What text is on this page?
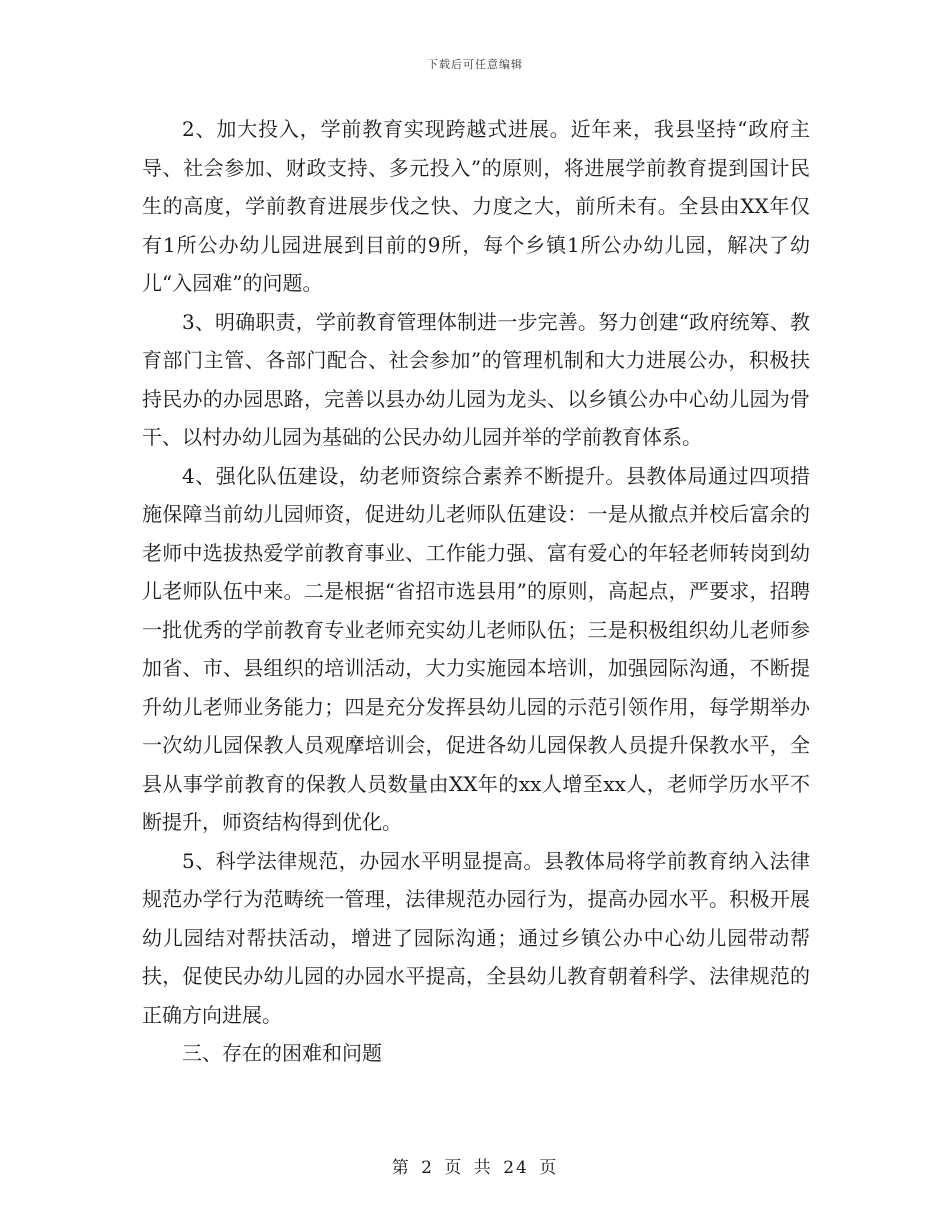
下载后可任意编辑

2、加大投入，学前教育实现跨越式进展。近年来，我县坚持“政府主导、社会参加、财政支持、多元投入”的原则，将进展学前教育提到国计民生的高度，学前教育进展步伐之快、力度之大，前所未有。全县由XX年仅有1所公办幼儿园进展到目前的9所，每个乡镇1所公办幼儿园，解决了幼儿“入园难”的问题。

3、明确职责，学前教育管理体制进一步完善。努力创建“政府统筹、教育部门主管、各部门配合、社会参加”的管理机制和大力进展公办，积极扶持民办的办园思路，完善以县办幼儿园为龙头、以乡镇公办中心幼儿园为骨干、以村办幼儿园为基础的公民办幼儿园并举的学前教育体系。

4、强化队伍建设，幼老师资综合素养不断提升。县教体局通过四项措施保障当前幼儿园师资，促进幼儿老师队伍建设：一是从撤点并校后富余的老师中选拔热爱学前教育事业、工作能力强、富有爱心的年轻老师转岗到幼儿老师队伍中来。二是根据“省招市选县用”的原则，高起点，严要求，招聘一批优秀的学前教育专业老师充实幼儿老师队伍；三是积极组织幼儿老师参加省、市、县组织的培训活动，大力实施园本培训，加强园际沟通，不断提升幼儿老师业务能力；四是充分发挥县幼儿园的示范引领作用，每学期举办一次幼儿园保教人员观摩培训会，促进各幼儿园保教人员提升保教水平，全县从事学前教育的保教人员数量由XX年的xx人增至xx人，老师学历水平不断提升，师资结构得到优化。

5、科学法律规范，办园水平明显提高。县教体局将学前教育纳入法律规范办学行为范畴统一管理，法律规范办园行为，提高办园水平。积极开展幼儿园结对帮扶活动，增进了园际沟通；通过乡镇公办中心幼儿园带动帮扶，促使民办幼儿园的办园水平提高，全县幼儿教育朝着科学、法律规范的正确方向进展。

三、存在的困难和问题

第 2 页 共 24 页
